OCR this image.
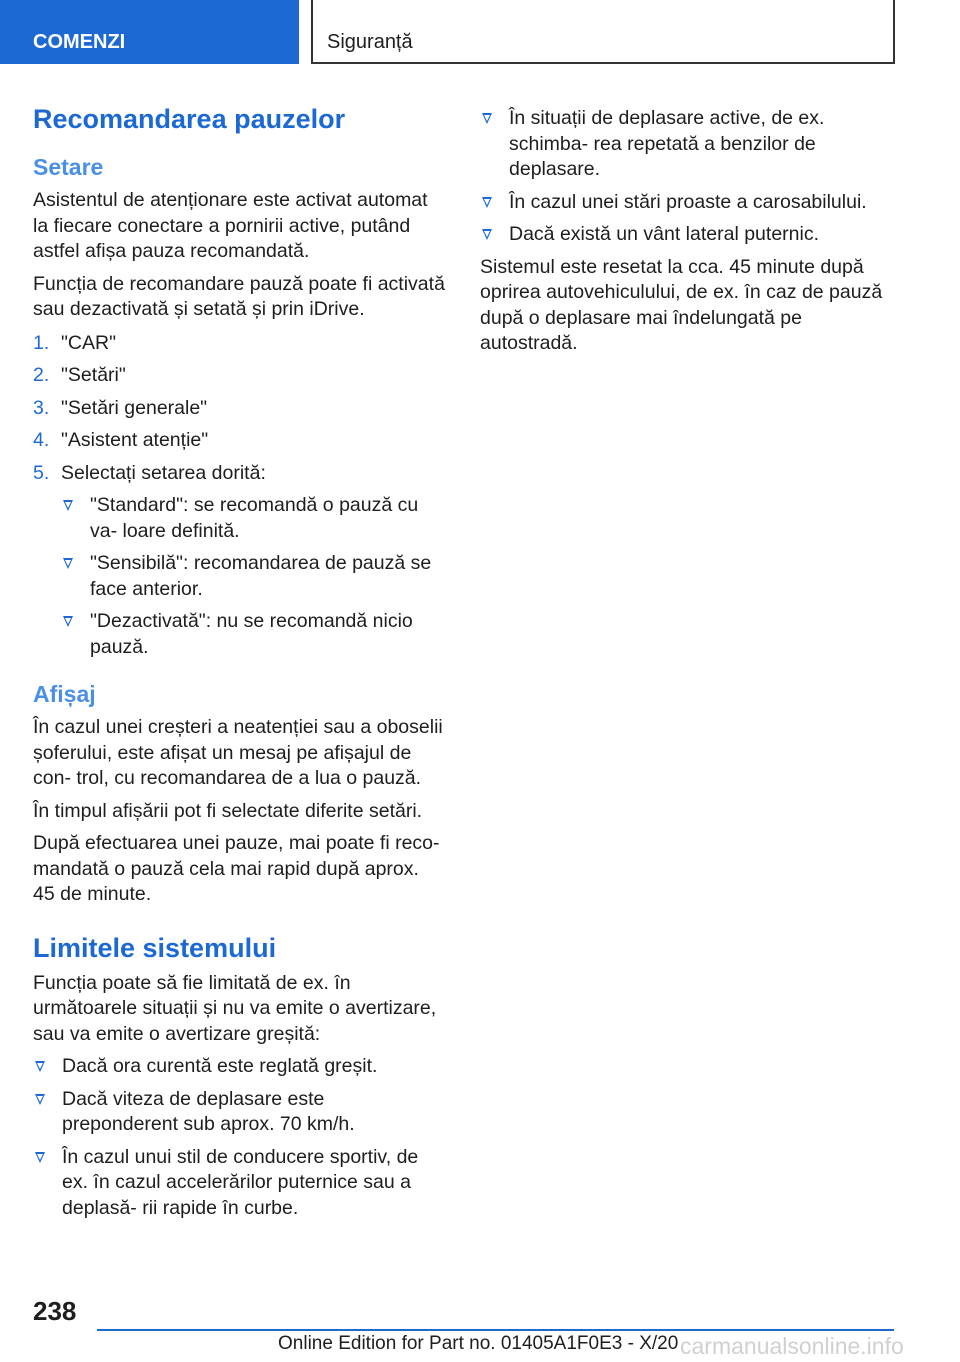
COMENZI	Siguranță
Recomandarea pauzelor
Setare

Asistentul de atenționare este activat automat la fiecare conectare a pornirii active, putând astfel afișa pauza recomandată.

Funcția de recomandare pauză poate fi activată sau dezactivată și setată și prin iDrive.

1. "CAR"
2. "Setări"
3. "Setări generale"
4. "Asistent atenție"
5. Selectați setarea dorită:
"Standard": se recomandă o pauză cu va- loare definită.
"Sensibilă": recomandarea de pauză se face anterior.
"Dezactivată": nu se recomandă nicio pauză.
Afișaj

În cazul unei creșteri a neatenției sau a oboselii șoferului, este afișat un mesaj pe afișajul de con- trol, cu recomandarea de a lua o pauză.

În timpul afișării pot fi selectate diferite setări.

După efectuarea unei pauze, mai poate fi reco- mandată o pauză cela mai rapid după aprox. 45 de minute.

Limitele sistemului

Funcția poate să fie limitată de ex. în următoarele situații și nu va emite o avertizare, sau va emite o avertizare greșită:

Dacă ora curentă este reglată greșit.
Dacă viteza de deplasare este preponderent sub aprox. 70 km/h.
În cazul unui stil de conducere sportiv, de ex. în cazul accelerărilor puternice sau a deplasă- rii rapide în curbe.
În situații de deplasare active, de ex. schimba- rea repetată a benzilor de deplasare.
În cazul unei stări proaste a carosabilului.
Dacă există un vânt lateral puternic.

Sistemul este resetat la cca. 45 minute după oprirea autovehiculului, de ex. în caz de pauză după o deplasare mai îndelungată pe autostradă.

238
Online Edition for Part no. 01405A1F0E3 - X/20 carmanualsonline.info
